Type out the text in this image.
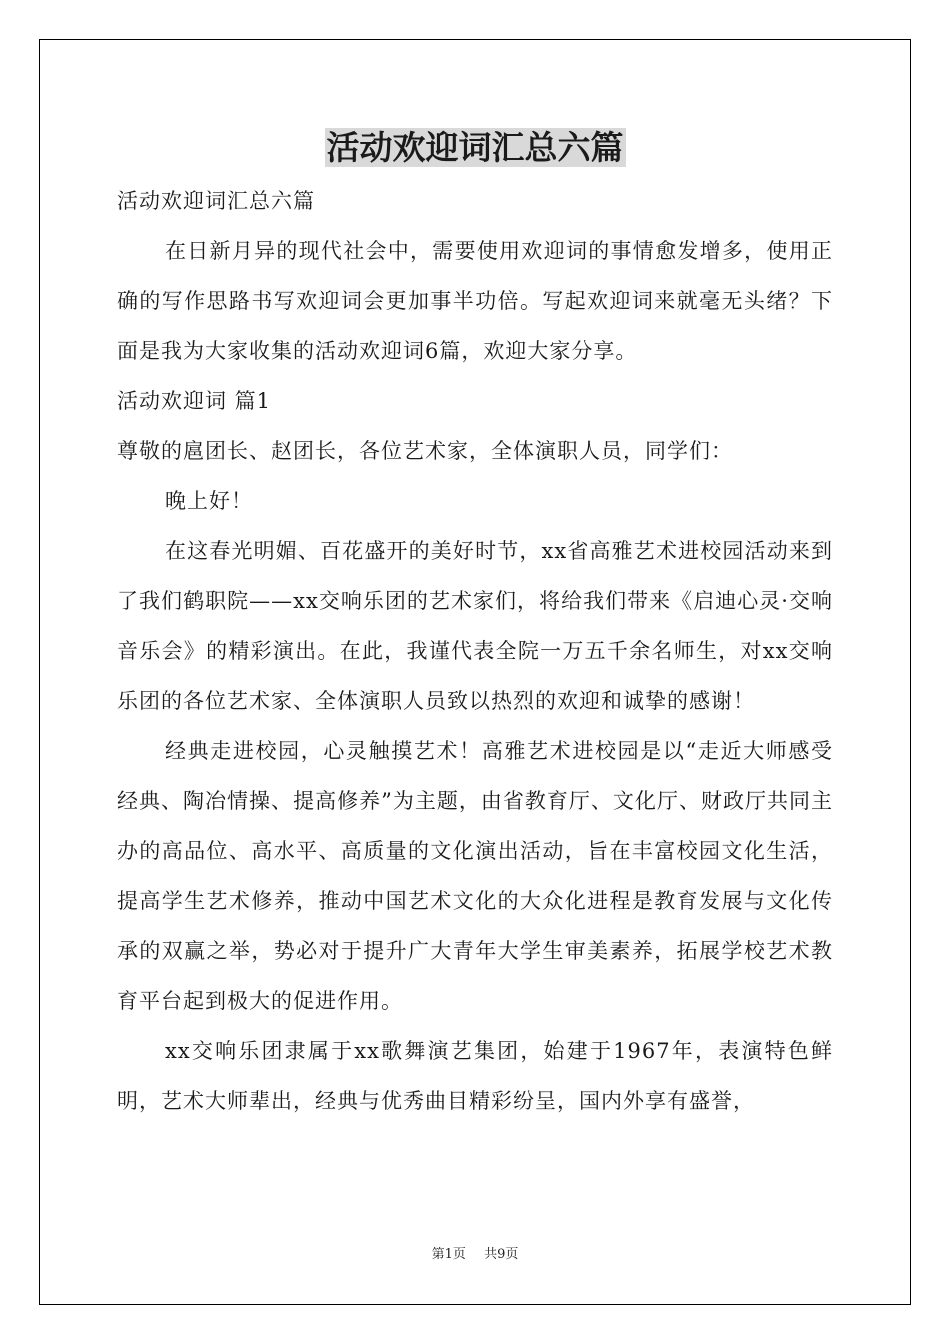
活动欢迎词汇总六篇

活动欢迎词汇总六篇

在日新月异的现代社会中，需要使用欢迎词的事情愈发增多，使用正确的写作思路书写欢迎词会更加事半功倍。写起欢迎词来就毫无头绪？下面是我为大家收集的活动欢迎词6篇，欢迎大家分享。

活动欢迎词 篇1

尊敬的扈团长、赵团长，各位艺术家，全体演职人员，同学们：

晚上好！

在这春光明媚、百花盛开的美好时节，xx省高雅艺术进校园活动来到了我们鹤职院——xx交响乐团的艺术家们，将给我们带来《启迪心灵·交响音乐会》的精彩演出。在此，我谨代表全院一万五千余名师生，对xx交响乐团的各位艺术家、全体演职人员致以热烈的欢迎和诚挚的感谢！

经典走进校园，心灵触摸艺术！高雅艺术进校园是以“走近大师感受经典、陶冶情操、提高修养”为主题，由省教育厅、文化厅、财政厅共同主办的高品位、高水平、高质量的文化演出活动，旨在丰富校园文化生活，提高学生艺术修养，推动中国艺术文化的大众化进程是教育发展与文化传承的双赢之举，势必对于提升广大青年大学生审美素养，拓展学校艺术教育平台起到极大的促进作用。

xx交响乐团隶属于xx歌舞演艺集团，始建于1967年，表演特色鲜明，艺术大师辈出，经典与优秀曲目精彩纷呈，国内外享有盛誉，

第1页 共9页
